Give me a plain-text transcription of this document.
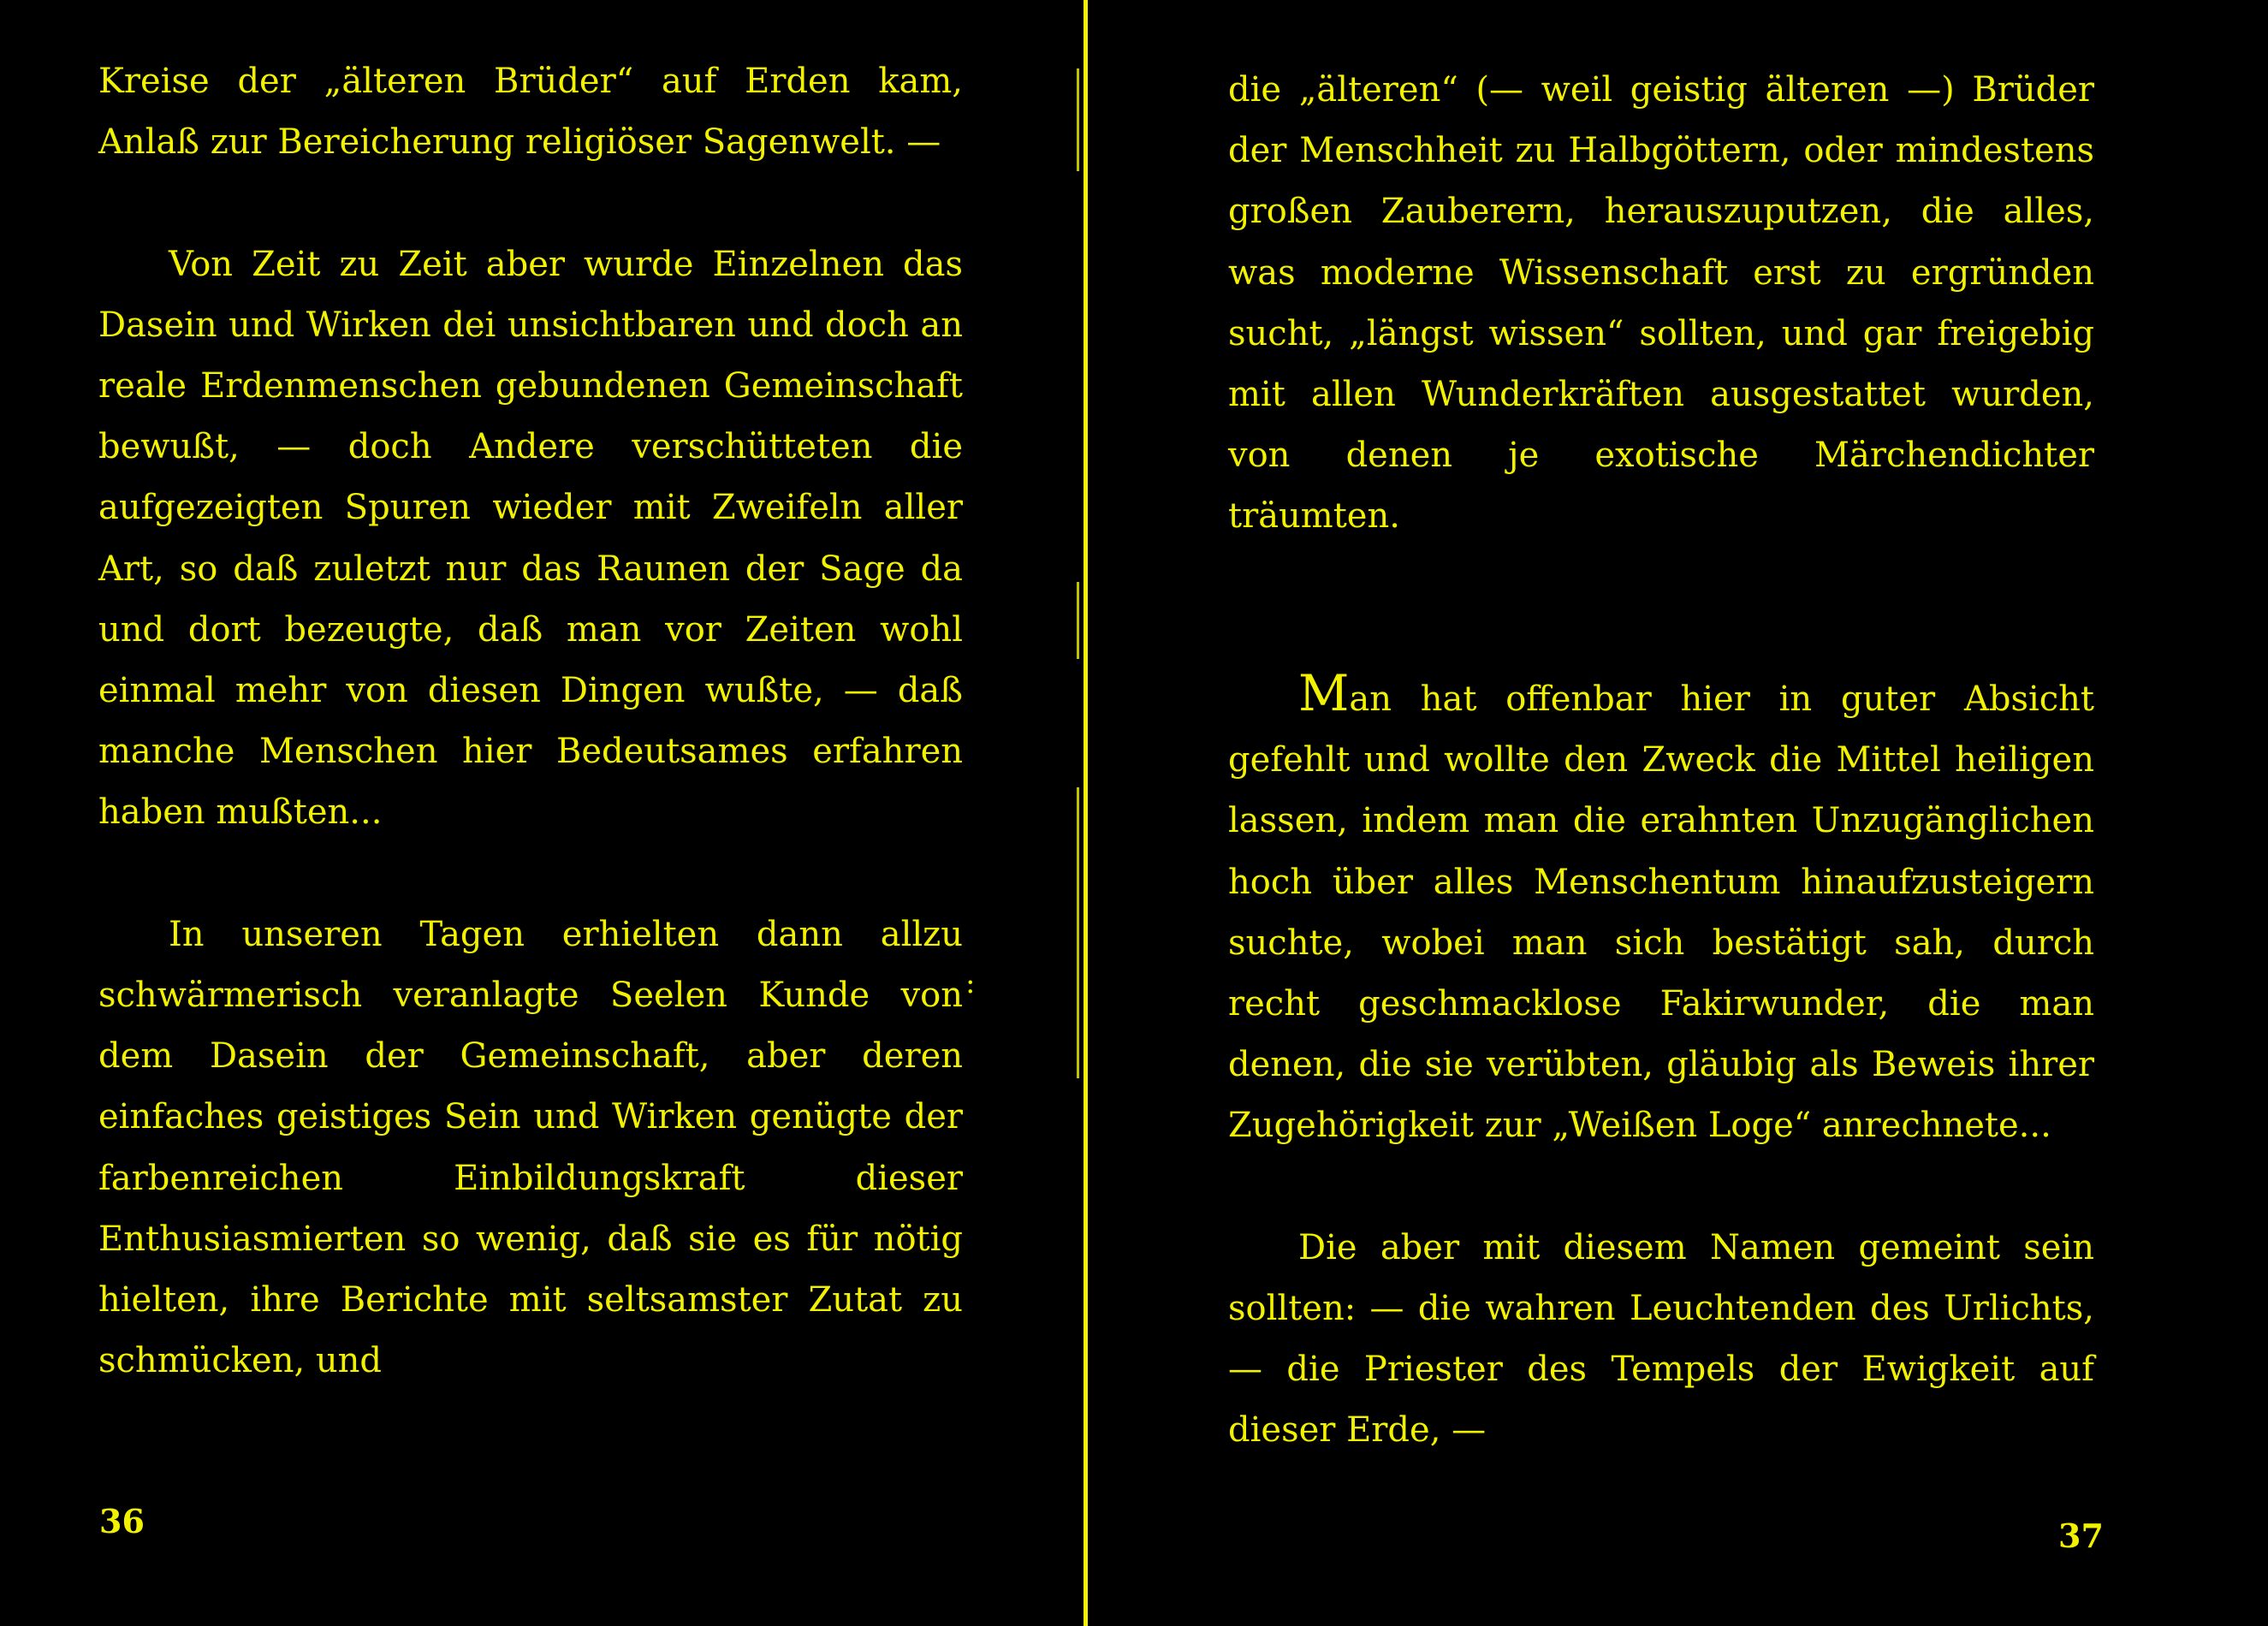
Kreise der „älteren Brüder“ auf Erden kam, Anlaß zur Bereicherung religiöser Sagenwelt. —

Von Zeit zu Zeit aber wurde Einzelnen das Dasein und Wirken dei unsichtbaren und doch an reale Erdenmenschen gebundenen Gemeinschaft bewußt, — doch Andere verschütteten die aufgezeigten Spuren wieder mit Zweifeln aller Art, so daß zuletzt nur das Raunen der Sage da und dort bezeugte, daß man vor Zeiten wohl einmal mehr von diesen Dingen wußte, — daß manche Menschen hier Bedeutsames erfahren haben mußten...

In unseren Tagen erhielten dann allzu schwärmerisch veranlagte Seelen Kunde von dem Dasein der Gemeinschaft, aber deren einfaches geistiges Sein und Wirken genügte der farbenreichen Einbildungskraft dieser Enthusiasmierten so wenig, daß sie es für nötig hielten, ihre Berichte mit seltsamster Zutat zu schmücken, und

:
36

die „älteren“ (— weil geistig älteren —) Brüder der Menschheit zu Halbgöttern, oder mindestens großen Zauberern, herauszuputzen, die alles, was moderne Wissenschaft erst zu ergründen sucht, „längst wissen“ sollten, und gar freigebig mit allen Wunderkräften ausgestattet wurden, von denen je exotische Märchendichter träumten.

Man hat offenbar hier in guter Absicht gefehlt und wollte den Zweck die Mittel heiligen lassen, indem man die erahnten Unzugänglichen hoch über alles Menschentum hinaufzusteigern suchte, wobei man sich bestätigt sah, durch recht geschmacklose Fakirwunder, die man denen, die sie verübten, gläubig als Beweis ihrer Zugehörigkeit zur „Weißen Loge“ anrechnete...

Die aber mit diesem Namen gemeint sein sollten: — die wahren Leuchtenden des Urlichts, — die Priester des Tempels der Ewigkeit auf dieser Erde, —

37
